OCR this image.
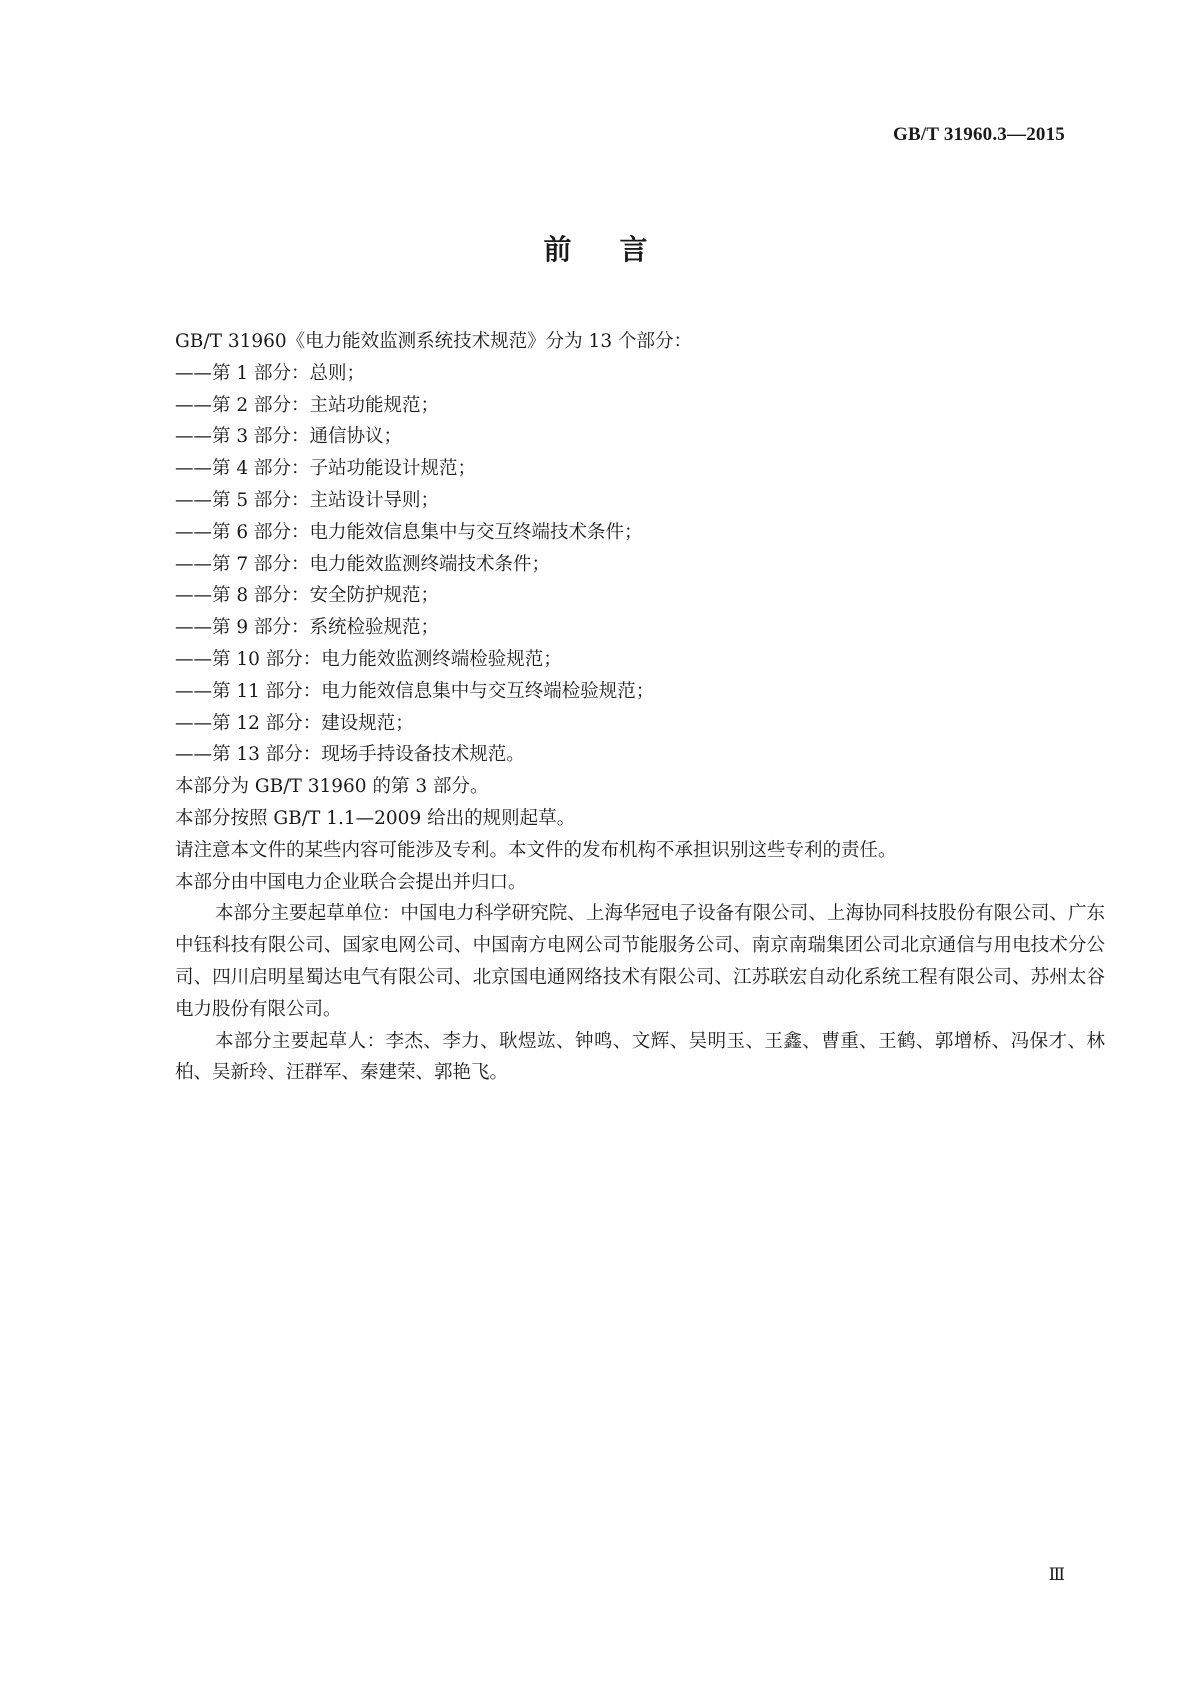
GB/T 31960.3—2015
前言

GB/T 31960《电力能效监测系统技术规范》分为 13 个部分：

——第 1 部分：总则；

——第 2 部分：主站功能规范；

——第 3 部分：通信协议；

——第 4 部分：子站功能设计规范；

——第 5 部分：主站设计导则；

——第 6 部分：电力能效信息集中与交互终端技术条件；

——第 7 部分：电力能效监测终端技术条件；

——第 8 部分：安全防护规范；

——第 9 部分：系统检验规范；

——第 10 部分：电力能效监测终端检验规范；

——第 11 部分：电力能效信息集中与交互终端检验规范；

——第 12 部分：建设规范；

——第 13 部分：现场手持设备技术规范。

本部分为 GB/T 31960 的第 3 部分。

本部分按照 GB/T 1.1—2009 给出的规则起草。

请注意本文件的某些内容可能涉及专利。本文件的发布机构不承担识别这些专利的责任。

本部分由中国电力企业联合会提出并归口。

本部分主要起草单位：中国电力科学研究院、上海华冠电子设备有限公司、上海协同科技股份有限公司、广东中钰科技有限公司、国家电网公司、中国南方电网公司节能服务公司、南京南瑞集团公司北京通信与用电技术分公司、四川启明星蜀达电气有限公司、北京国电通网络技术有限公司、江苏联宏自动化系统工程有限公司、苏州太谷电力股份有限公司。

本部分主要起草人：李杰、李力、耿煜竑、钟鸣、文辉、吴明玉、王鑫、曹重、王鹤、郭增桥、冯保才、林柏、吴新玲、汪群军、秦建荣、郭艳飞。

Ⅲ
